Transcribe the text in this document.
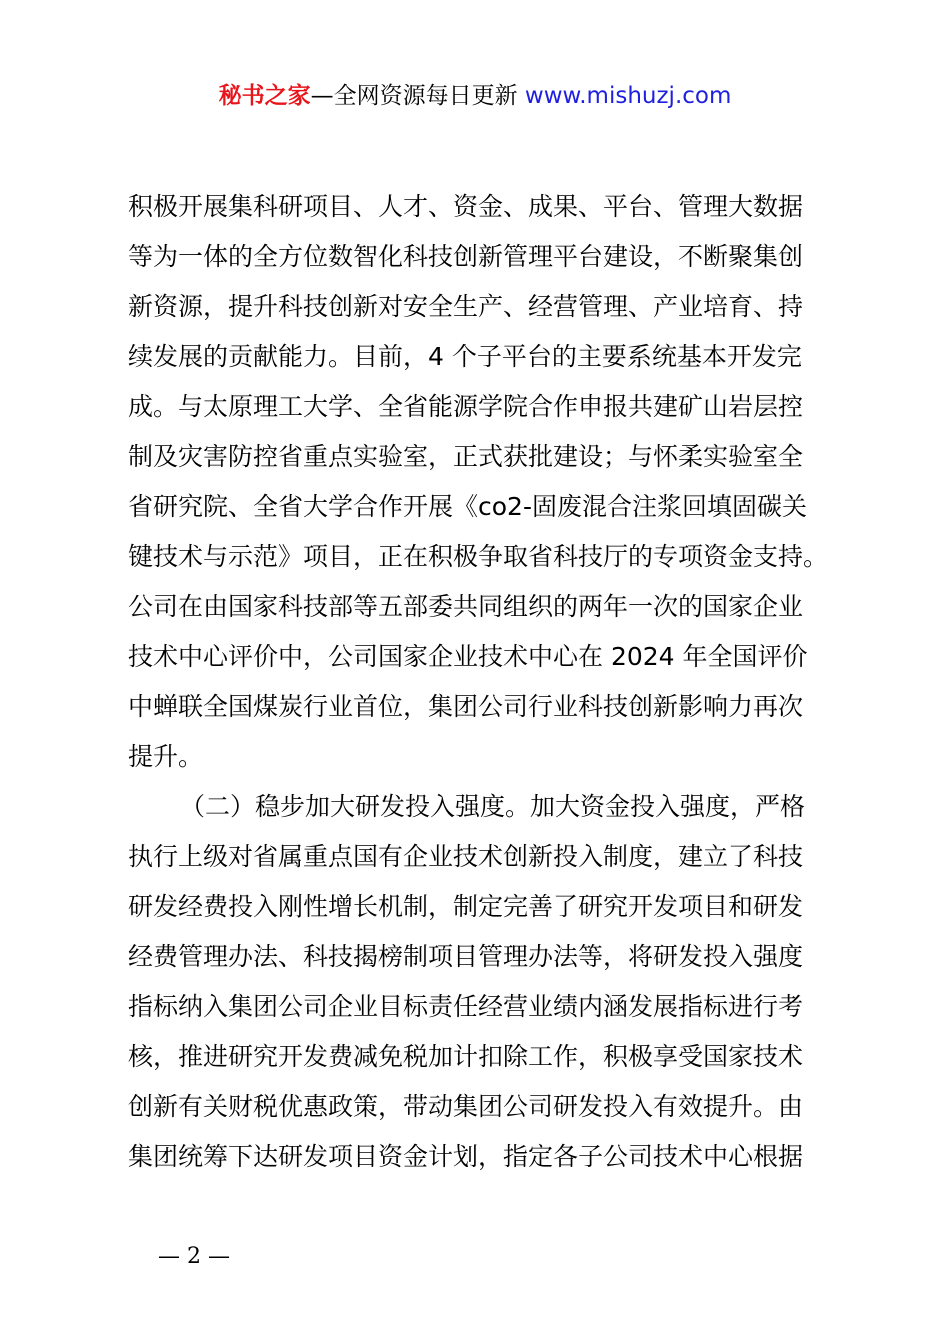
秘书之家—全网资源每日更新 www.mishuzj.com
积极开展集科研项目、人才、资金、成果、平台、管理大数据
等为一体的全方位数智化科技创新管理平台建设，不断聚集创
新资源，提升科技创新对安全生产、经营管理、产业培育、持
续发展的贡献能力。目前，4 个子平台的主要系统基本开发完
成。与太原理工大学、全省能源学院合作申报共建矿山岩层控
制及灾害防控省重点实验室，正式获批建设；与怀柔实验室全
省研究院、全省大学合作开展《co2-固废混合注浆回填固碳关
键技术与示范》项目，正在积极争取省科技厅的专项资金支持。
公司在由国家科技部等五部委共同组织的两年一次的国家企业
技术中心评价中，公司国家企业技术中心在 2024 年全国评价
中蝉联全国煤炭行业首位，集团公司行业科技创新影响力再次
提升。
（二）稳步加大研发投入强度。加大资金投入强度，严格
执行上级对省属重点国有企业技术创新投入制度，建立了科技
研发经费投入刚性增长机制，制定完善了研究开发项目和研发
经费管理办法、科技揭榜制项目管理办法等，将研发投入强度
指标纳入集团公司企业目标责任经营业绩内涵发展指标进行考
核，推进研究开发费减免税加计扣除工作，积极享受国家技术
创新有关财税优惠政策，带动集团公司研发投入有效提升。由
集团统筹下达研发项目资金计划，指定各子公司技术中心根据
— 2 —
